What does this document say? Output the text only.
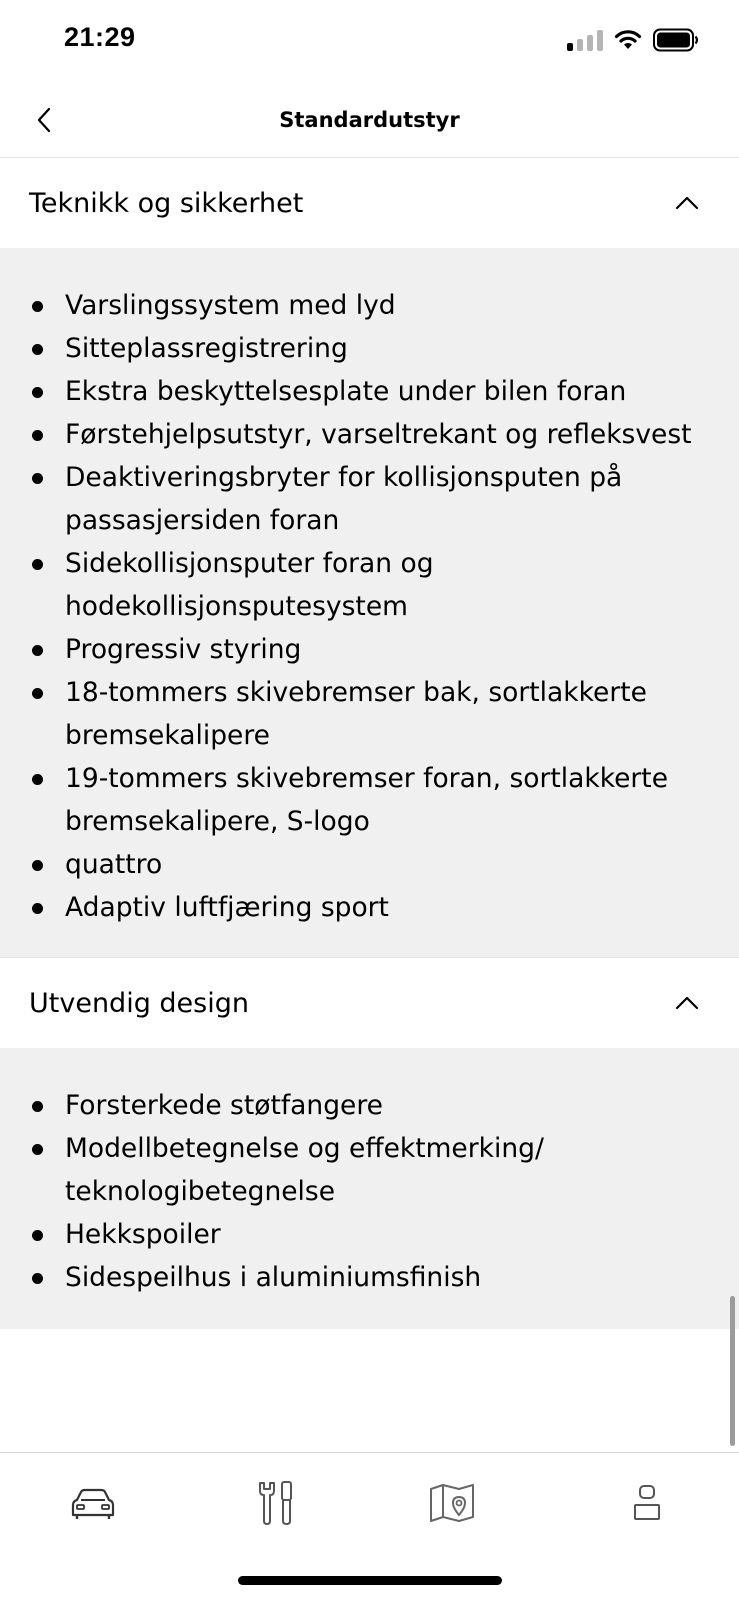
21:29
Standardutstyr
Teknikk og sikkerhet
Varslingssystem med lyd
Sitteplassregistrering
Ekstra beskyttelsesplate under bilen foran
Førstehjelpsutstyr, varseltrekant og refleksvest
Deaktiveringsbryter for kollisjonsputen på passasjersiden foran
Sidekollisjonsputer foran og hodekollisjonsputesystem
Progressiv styring
18-tommers skivebremser bak, sortlakkerte bremsekalipere
19-tommers skivebremser foran, sortlakkerte bremsekalipere, S-logo
quattro
Adaptiv luftfjæring sport
Utvendig design
Forsterkede støtfangere
Modellbetegnelse og effektmerking/ teknologibetegnelse
Hekkspoiler
Sidespeilhus i aluminiumsfinish
